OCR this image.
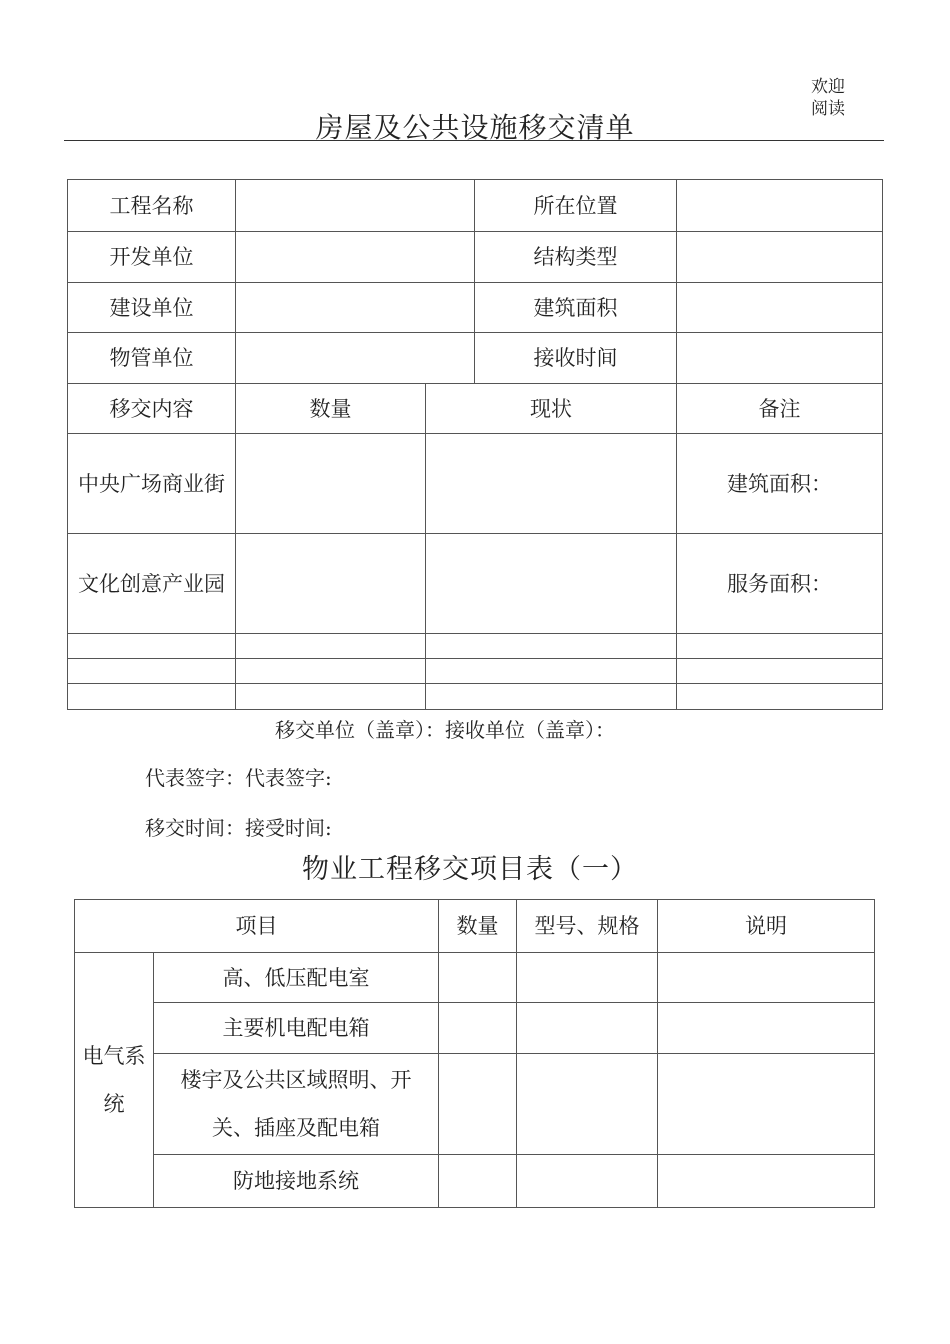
欢迎阅读
房屋及公共设施移交清单
工程名称			所在位置	
开发单位			结构类型	
建设单位			建筑面积	
物管单位			接收时间	
移交内容	数量	现状		备注
中央广场商业街				建筑面积：
文化创意产业园				服务面积：

移交单位（盖章）：接收单位（盖章）：
代表签字：代表签字:
移交时间：接受时间:
物业工程移交项目表（一）
项目		数量	型号、规格	说明
电气系统	高、低压配电室			
	主要机电配电箱			
	楼宇及公共区域照明、开关、插座及配电箱			
	防地接地系统			
